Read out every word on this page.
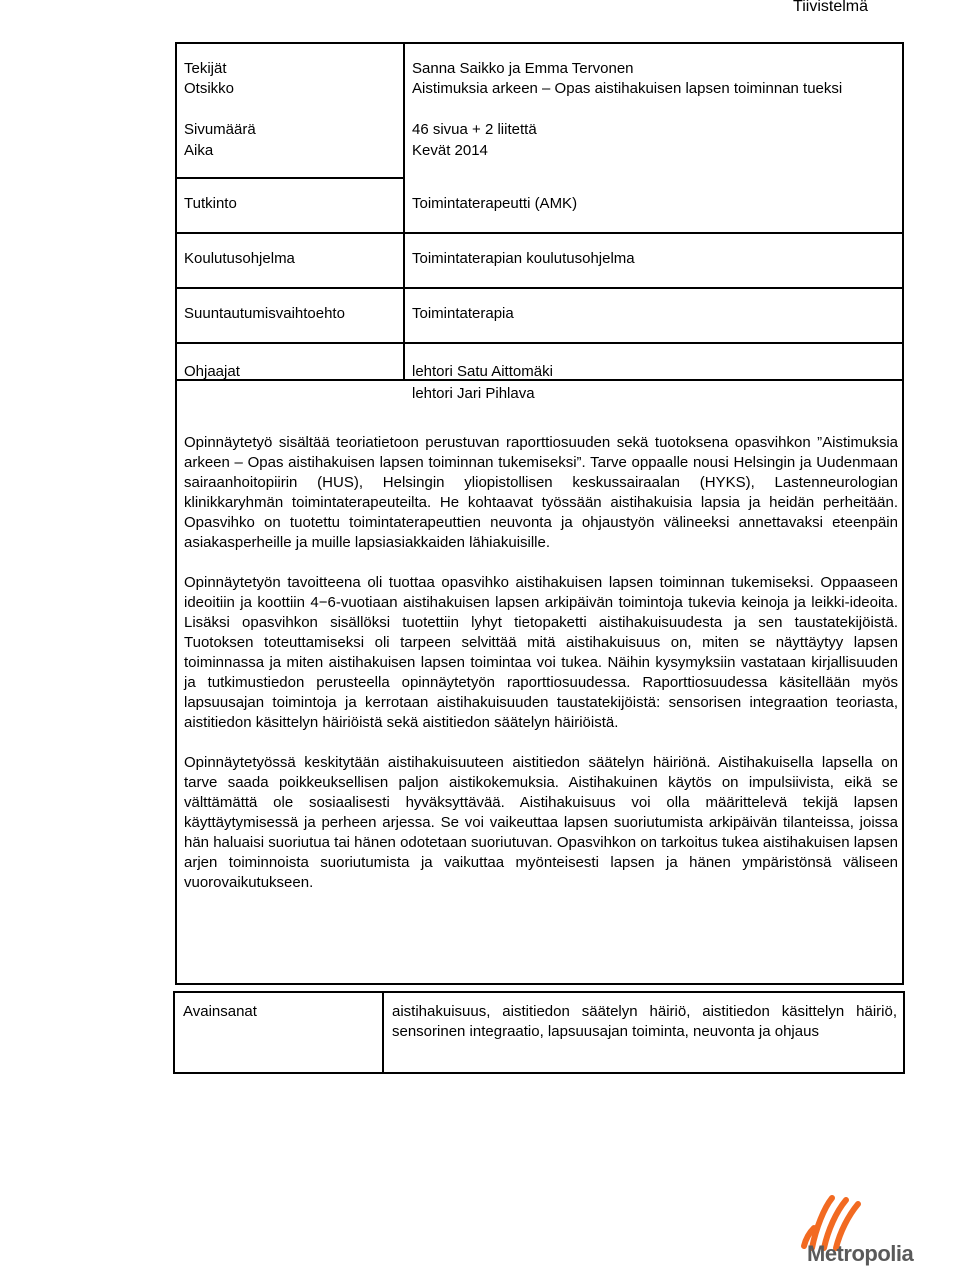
Tiivistelmä
Tekijät	Sanna Saikko ja Emma Tervonen
Otsikko	Aistimuksia arkeen – Opas aistihakuisen lapsen toiminnan tueksi
Sivumäärä	46 sivua + 2 liitettä
Aika	Kevät 2014
Tutkinto	Toimintaterapeutti (AMK)
Koulutusohjelma	Toimintaterapian koulutusohjelma
Suuntautumisvaihtoehto	Toimintaterapia
Ohjaajat	lehtori Satu Aittomäki
lehtori Jari Pihlava

Opinnäytetyö sisältää teoriatietoon perustuvan raporttiosuuden sekä tuotoksena opasvihkon ”Aistimuksia arkeen – Opas aistihakuisen lapsen toiminnan tukemiseksi”. Tarve oppaalle nousi Helsingin ja Uudenmaan sairaanhoitopiirin (HUS), Helsingin yliopistollisen keskussairaalan (HYKS), Lastenneurologian klinikkaryhmän toimintaterapeuteilta. He kohtaavat työssään aistihakuisia lapsia ja heidän perheitään. Opasvihko on tuotettu toimintaterapeuttien neuvonta ja ohjaustyön välineeksi annettavaksi eteenpäin asiakasperheille ja muille lapsiasiakkaiden lähiakuisille.

Opinnäytetyön tavoitteena oli tuottaa opasvihko aistihakuisen lapsen toiminnan tukemiseksi. Oppaaseen ideoitiin ja koottiin 4−6-vuotiaan aistihakuisen lapsen arkipäivän toimintoja tukevia keinoja ja leikki-ideoita. Lisäksi opasvihkon sisällöksi tuotettiin lyhyt tietopaketti aistihakuisuudesta ja sen taustatekijöistä. Tuotoksen toteuttamiseksi oli tarpeen selvittää mitä aistihakuisuus on, miten se näyttäytyy lapsen toiminnassa ja miten aistihakuisen lapsen toimintaa voi tukea. Näihin kysymyksiin vastataan kirjallisuuden ja tutkimustiedon perusteella opinnäytetyön raporttiosuudessa. Raporttiosuudessa käsitellään myös lapsuusajan toimintoja ja kerrotaan aistihakuisuuden taustatekijöistä: sensorisen integraation teoriasta, aistitiedon käsittelyn häiriöistä sekä aistitiedon säätelyn häiriöistä.

Opinnäytetyössä keskitytään aistihakuisuuteen aistitiedon säätelyn häiriönä. Aistihakuisella lapsella on tarve saada poikkeuksellisen paljon aistikokemuksia. Aistihakuinen käytös on impulsiivista, eikä se välttämättä ole sosiaalisesti hyväksyttävää. Aistihakuisuus voi olla määrittelevä tekijä lapsen käyttäytymisessä ja perheen arjessa. Se voi vaikeuttaa lapsen suoriutumista arkipäivän tilanteissa, joissa hän haluaisi suoriutua tai hänen odotetaan suoriutuvan. Opasvihkon on tarkoitus tukea aistihakuisen lapsen arjen toiminnoista suoriutumista ja vaikuttaa myönteisesti lapsen ja hänen ympäristönsä väliseen vuorovaikutukseen.

Avainsanat	aistihakuisuus, aistitiedon säätelyn häiriö, aistitiedon käsittelyn häiriö, sensorinen integraatio, lapsuusajan toiminta, neuvonta ja ohjaus
Metropolia
